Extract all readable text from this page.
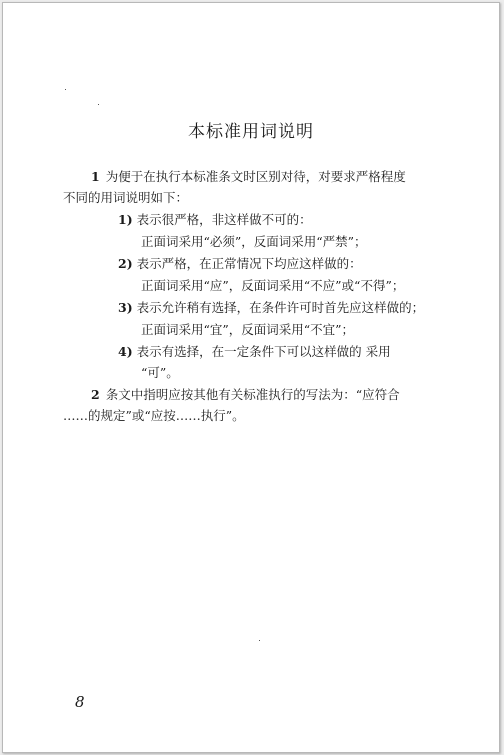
本标准用词说明
1 为便于在执行本标准条文时区别对待，对要求严格程度
不同的用词说明如下：
1) 表示很严格，非这样做不可的：
正面词采用“必须”，反面词采用“严禁”；
2) 表示严格，在正常情况下均应这样做的：
正面词采用“应”，反面词采用“不应”或“不得”；
3) 表示允许稍有选择，在条件许可时首先应这样做的；
正面词采用“宜”，反面词采用“不宜”；
4) 表示有选择，在一定条件下可以这样做的 采用
“可”。
2 条文中指明应按其他有关标准执行的写法为：“应符合
……的规定”或“应按……执行”。
8
